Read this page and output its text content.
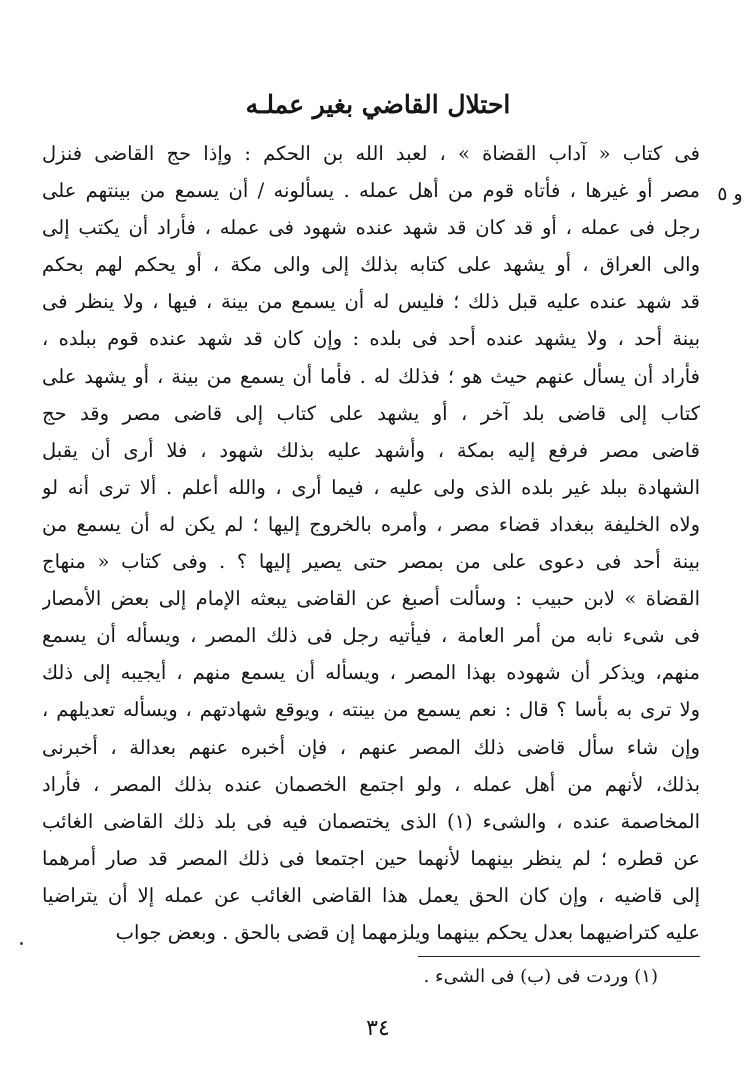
احتلال القاضي بغير عملـه
و ٥
فى كتاب « آداب القضاة » ، لعبد الله بن الحكم : وإذا حج القاضى فنزل
مصر أو غيرها ، فأتاه قوم من أهل عمله . يسألونه / أن يسمع من بينتهم على
رجل فى عمله ، أو قد كان قد شهد عنده شهود فى عمله ، فأراد أن يكتب إلى
والى العراق ، أو يشهد على كتابه بذلك إلى والى مكة ، أو يحكم لهم بحكم
قد شهد عنده عليه قبل ذلك ؛ فليس له أن يسمع من بينة ، فيها ، ولا ينظر فى
بينة أحد ، ولا يشهد عنده أحد فى بلده : وإن كان قد شهد عنده قوم ببلده ،
فأراد أن يسأل عنهم حيث هو ؛ فذلك له . فأما أن يسمع من بينة ، أو يشهد على
كتاب إلى قاضى بلد آخر ، أو يشهد على كتاب إلى قاضى مصر وقد حج
قاضى مصر فرفع إليه بمكة ، وأشهد عليه بذلك شهود ، فلا أرى أن يقبل
الشهادة ببلد غير بلده الذى ولى عليه ، فيما أرى ، والله أعلم . ألا ترى أنه لو
ولاه الخليفة ببغداد قضاء مصر ، وأمره بالخروج إليها ؛ لم يكن له أن يسمع من
بينة أحد فى دعوى على من بمصر حتى يصير إليها ؟ . وفى كتاب « منهاج
القضاة » لابن حبيب : وسألت أصبغ عن القاضى يبعثه الإمام إلى بعض الأمصار
فى شىء نابه من أمر العامة ، فيأتيه رجل فى ذلك المصر ، ويسأله أن يسمع
منهم، ويذكر أن شهوده بهذا المصر ، ويسأله أن يسمع منهم ، أيجيبه إلى ذلك
ولا ترى به بأسا ؟ قال : نعم يسمع من بينته ، ويوقع شهادتهم ، ويسأله تعديلهم ،
وإن شاء سأل قاضى ذلك المصر عنهم ، فإن أخبره عنهم بعدالة ، أخبرنى
بذلك، لأنهم من أهل عمله ، ولو اجتمع الخصمان عنده بذلك المصر ، فأراد
المخاصمة عنده ، والشىء (١) الذى يختصمان فيه فى بلد ذلك القاضى الغائب
عن قطره ؛ لم ينظر بينهما لأنهما حين اجتمعا فى ذلك المصر قد صار أمرهما
إلى قاضيه ، وإن كان الحق يعمل هذا القاضى الغائب عن عمله إلا أن يتراضيا
عليه كتراضيهما بعدل يحكم بينهما ويلزمهما إن قضى بالحق . وبعض جواب
(١) وردت فى (ب) فى الشىء .
٣٤
